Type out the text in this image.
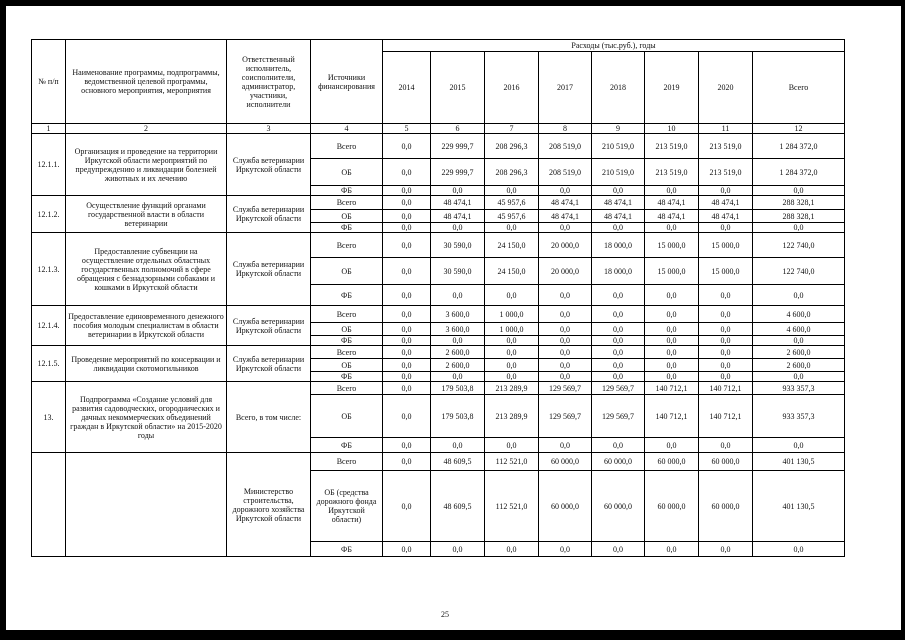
№ п/п	Наименование программы, подпрограммы, ведомственной целевой программы, основного мероприятия, мероприятия	Ответственный исполнитель, соисполнители, администратор, участники, исполнители	Источники финансирования	Расходы (тыс.руб.), годы							
				2014	2015	2016	2017	2018	2019	2020	Всего
1	2	3	4	5	6	7	8	9	10	11	12
12.1.1.	Организация и проведение на территории Иркутской области мероприятий по предупреждению и ликвидации болезней животных и их лечению	Служба ветеринарии Иркутской области	Всего	0,0	229 999,7	208 296,3	208 519,0	210 519,0	213 519,0	213 519,0	1 284 372,0
			ОБ	0,0	229 999,7	208 296,3	208 519,0	210 519,0	213 519,0	213 519,0	1 284 372,0
			ФБ	0,0	0,0	0,0	0,0	0,0	0,0	0,0	0,0
12.1.2.	Осуществление функций органами государственной власти в области ветеринарии	Служба ветеринарии Иркутской области	Всего	0,0	48 474,1	45 957,6	48 474,1	48 474,1	48 474,1	48 474,1	288 328,1
			ОБ	0,0	48 474,1	45 957,6	48 474,1	48 474,1	48 474,1	48 474,1	288 328,1
			ФБ	0,0	0,0	0,0	0,0	0,0	0,0	0,0	0,0
12.1.3.	Предоставление субвенции на осуществление отдельных областных государственных полномочий в сфере обращения с безнадзорными собаками и кошками в Иркутской области	Служба ветеринарии Иркутской области	Всего	0,0	30 590,0	24 150,0	20 000,0	18 000,0	15 000,0	15 000,0	122 740,0
			ОБ	0,0	30 590,0	24 150,0	20 000,0	18 000,0	15 000,0	15 000,0	122 740,0
			ФБ	0,0	0,0	0,0	0,0	0,0	0,0	0,0	0,0
12.1.4.	Предоставление единовременного денежного пособия молодым специалистам в области ветеринарии в Иркутской области	Служба ветеринарии Иркутской области	Всего	0,0	3 600,0	1 000,0	0,0	0,0	0,0	0,0	4 600,0
			ОБ	0,0	3 600,0	1 000,0	0,0	0,0	0,0	0,0	4 600,0
			ФБ	0,0	0,0	0,0	0,0	0,0	0,0	0,0	0,0
12.1.5.	Проведение мероприятий по консервации и ликвидации скотомогильников	Служба ветеринарии Иркутской области	Всего	0,0	2 600,0	0,0	0,0	0,0	0,0	0,0	2 600,0
			ОБ	0,0	2 600,0	0,0	0,0	0,0	0,0	0,0	2 600,0
			ФБ	0,0	0,0	0,0	0,0	0,0	0,0	0,0	0,0
13.	Подпрограмма «Создание условий для развития садоводческих, огороднических и дачных некоммерческих объединений граждан в Иркутской области» на 2015-2020 годы	Всего, в том числе:	Всего	0,0	179 503,8	213 289,9	129 569,7	129 569,7	140 712,1	140 712,1	933 357,3
			ОБ	0,0	179 503,8	213 289,9	129 569,7	129 569,7	140 712,1	140 712,1	933 357,3
			ФБ	0,0	0,0	0,0	0,0	0,0	0,0	0,0	0,0
		Министерство строительства, дорожного хозяйства Иркутской области	Всего	0,0	48 609,5	112 521,0	60 000,0	60 000,0	60 000,0	60 000,0	401 130,5
			ОБ (средства дорожного фонда Иркутской области)	0,0	48 609,5	112 521,0	60 000,0	60 000,0	60 000,0	60 000,0	401 130,5
			ФБ	0,0	0,0	0,0	0,0	0,0	0,0	0,0	0,0
25
